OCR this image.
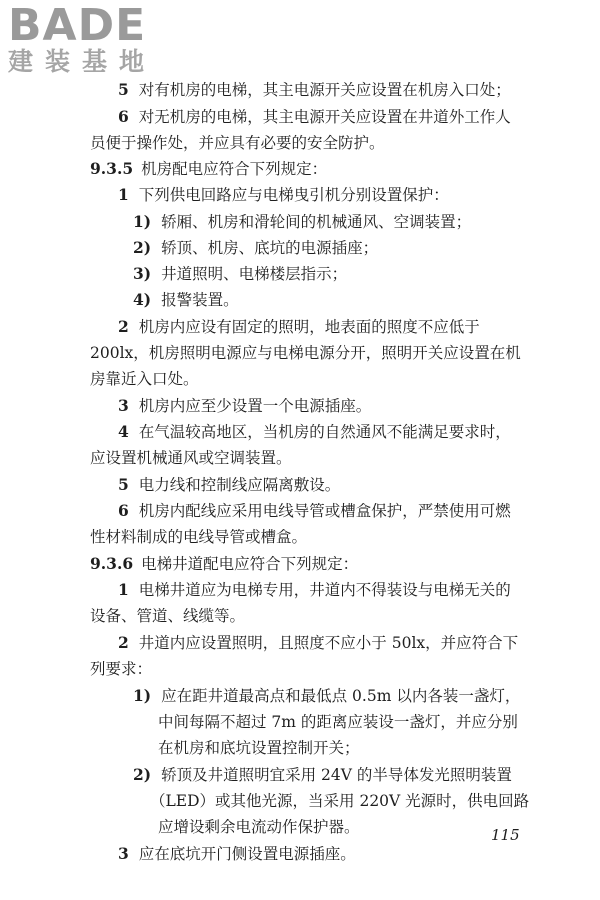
BADE
建装基地
5 对有机房的电梯，其主电源开关应设置在机房入口处；
6 对无机房的电梯，其主电源开关应设置在井道外工作人
员便于操作处，并应具有必要的安全防护。
9.3.5 机房配电应符合下列规定：
1 下列供电回路应与电梯曳引机分别设置保护：
1) 轿厢、机房和滑轮间的机械通风、空调装置；
2) 轿顶、机房、底坑的电源插座；
3) 井道照明、电梯楼层指示；
4) 报警装置。
2 机房内应设有固定的照明，地表面的照度不应低于
200lx，机房照明电源应与电梯电源分开，照明开关应设置在机
房靠近入口处。
3 机房内应至少设置一个电源插座。
4 在气温较高地区，当机房的自然通风不能满足要求时，
应设置机械通风或空调装置。
5 电力线和控制线应隔离敷设。
6 机房内配线应采用电线导管或槽盒保护，严禁使用可燃
性材料制成的电线导管或槽盒。
9.3.6 电梯井道配电应符合下列规定：
1 电梯井道应为电梯专用，井道内不得装设与电梯无关的
设备、管道、线缆等。
2 井道内应设置照明，且照度不应小于 50lx，并应符合下
列要求：
1) 应在距井道最高点和最低点 0.5m 以内各装一盏灯，
中间每隔不超过 7m 的距离应装设一盏灯，并应分别
在机房和底坑设置控制开关；
2) 轿顶及井道照明宜采用 24V 的半导体发光照明装置
（LED）或其他光源，当采用 220V 光源时，供电回路
应增设剩余电流动作保护器。
3 应在底坑开门侧设置电源插座。
115
